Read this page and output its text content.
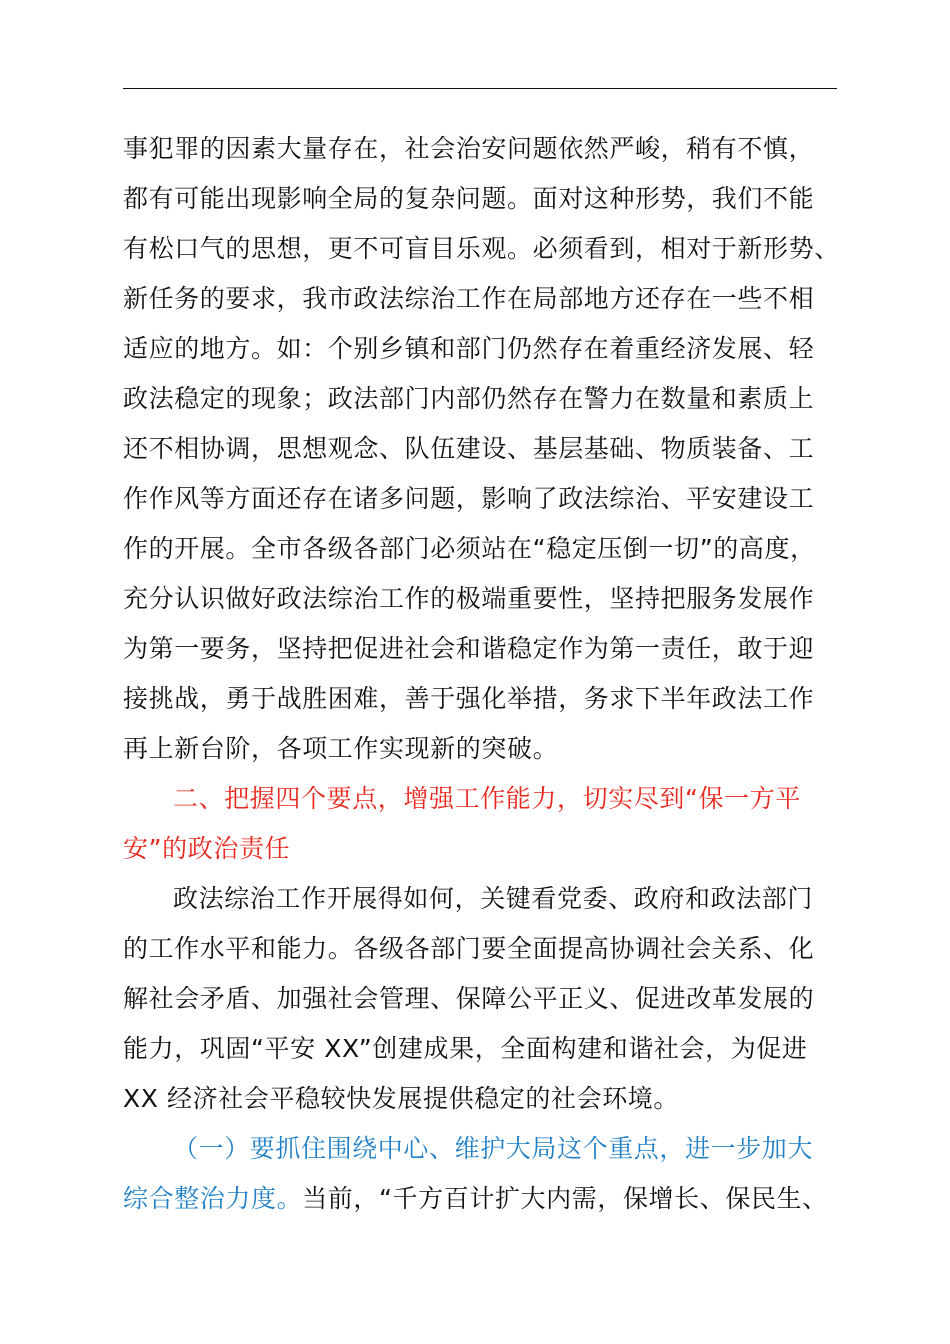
事犯罪的因素大量存在，社会治安问题依然严峻，稍有不慎，
都有可能出现影响全局的复杂问题。面对这种形势，我们不能
有松口气的思想，更不可盲目乐观。必须看到，相对于新形势、
新任务的要求，我市政法综治工作在局部地方还存在一些不相
适应的地方。如：个别乡镇和部门仍然存在着重经济发展、轻
政法稳定的现象；政法部门内部仍然存在警力在数量和素质上
还不相协调，思想观念、队伍建设、基层基础、物质装备、工
作作风等方面还存在诸多问题，影响了政法综治、平安建设工
作的开展。全市各级各部门必须站在“稳定压倒一切”的高度，
充分认识做好政法综治工作的极端重要性，坚持把服务发展作
为第一要务，坚持把促进社会和谐稳定作为第一责任，敢于迎
接挑战，勇于战胜困难，善于强化举措，务求下半年政法工作
再上新台阶，各项工作实现新的突破。
二、把握四个要点，增强工作能力，切实尽到“保一方平
安”的政治责任
政法综治工作开展得如何，关键看党委、政府和政法部门
的工作水平和能力。各级各部门要全面提高协调社会关系、化
解社会矛盾、加强社会管理、保障公平正义、促进改革发展的
能力，巩固“平安 XX”创建成果，全面构建和谐社会，为促进
XX 经济社会平稳较快发展提供稳定的社会环境。
（一）要抓住围绕中心、维护大局这个重点，进一步加大
综合整治力度。当前，“千方百计扩大内需，保增长、保民生、
